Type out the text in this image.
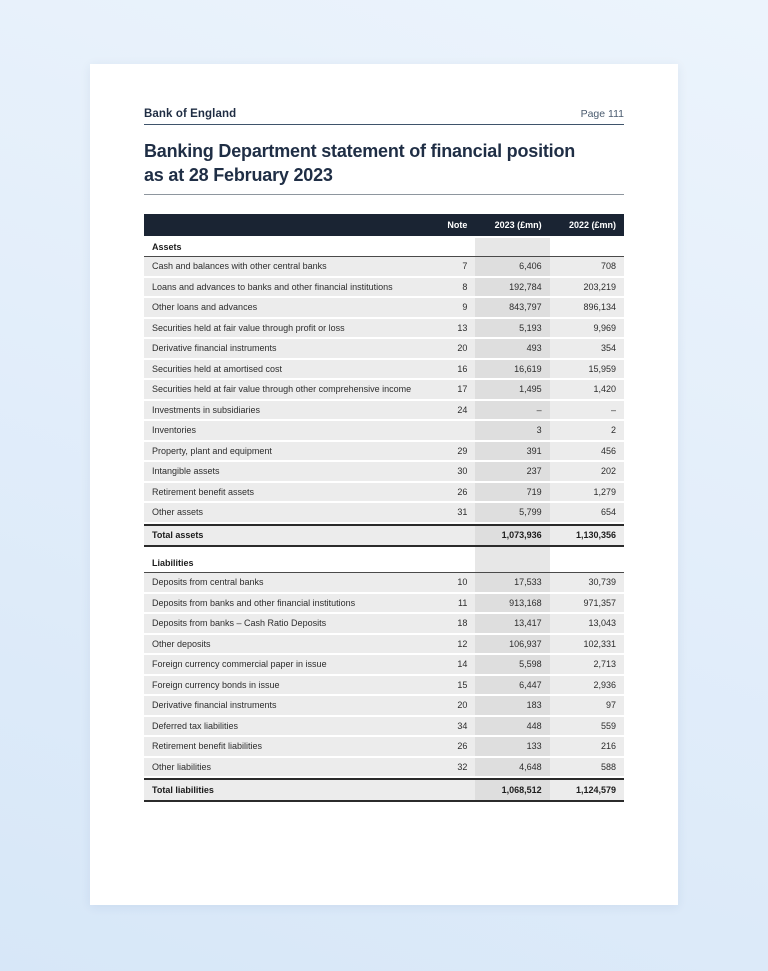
Bank of England	Page 111
Banking Department statement of financial position as at 28 February 2023
	Note	2023 (£mn)	2022 (£mn)
Assets			
Cash and balances with other central banks	7	6,406	708
Loans and advances to banks and other financial institutions	8	192,784	203,219
Other loans and advances	9	843,797	896,134
Securities held at fair value through profit or loss	13	5,193	9,969
Derivative financial instruments	20	493	354
Securities held at amortised cost	16	16,619	15,959
Securities held at fair value through other comprehensive income	17	1,495	1,420
Investments in subsidiaries	24	–	–
Inventories		3	2
Property, plant and equipment	29	391	456
Intangible assets	30	237	202
Retirement benefit assets	26	719	1,279
Other assets	31	5,799	654
Total assets		1,073,936	1,130,356

Liabilities			
Deposits from central banks	10	17,533	30,739
Deposits from banks and other financial institutions	11	913,168	971,357
Deposits from banks – Cash Ratio Deposits	18	13,417	13,043
Other deposits	12	106,937	102,331
Foreign currency commercial paper in issue	14	5,598	2,713
Foreign currency bonds in issue	15	6,447	2,936
Derivative financial instruments	20	183	97
Deferred tax liabilities	34	448	559
Retirement benefit liabilities	26	133	216
Other liabilities	32	4,648	588
Total liabilities		1,068,512	1,124,579
